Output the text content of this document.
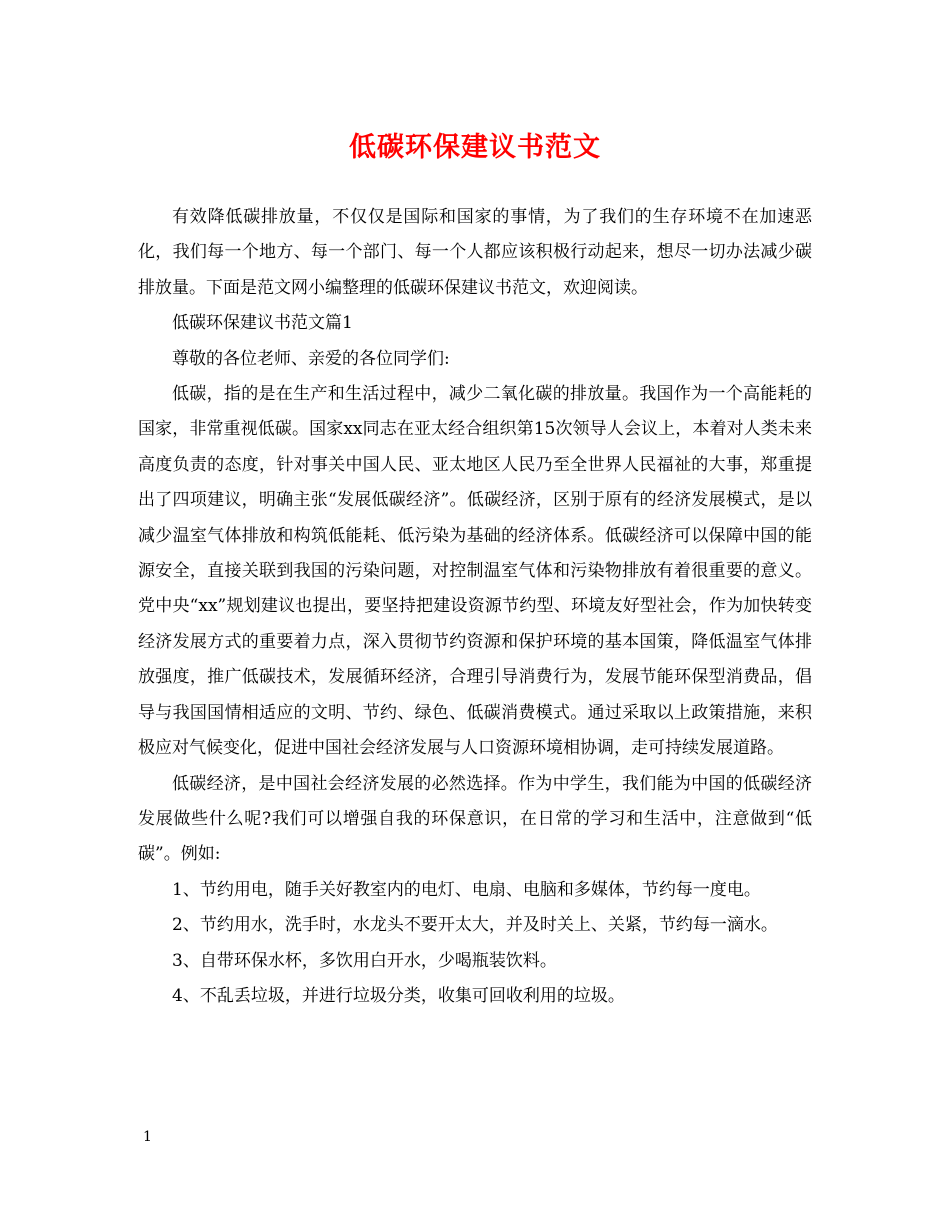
低碳环保建议书范文

有效降低碳排放量，不仅仅是国际和国家的事情，为了我们的生存环境不在加速恶化，我们每一个地方、每一个部门、每一个人都应该积极行动起来，想尽一切办法减少碳排放量。下面是范文网小编整理的低碳环保建议书范文，欢迎阅读。

低碳环保建议书范文篇1

尊敬的各位老师、亲爱的各位同学们:

低碳，指的是在生产和生活过程中，减少二氧化碳的排放量。我国作为一个高能耗的国家，非常重视低碳。国家xx同志在亚太经合组织第15次领导人会议上，本着对人类未来高度负责的态度，针对事关中国人民、亚太地区人民乃至全世界人民福祉的大事，郑重提出了四项建议，明确主张“发展低碳经济”。低碳经济，区别于原有的经济发展模式，是以减少温室气体排放和构筑低能耗、低污染为基础的经济体系。低碳经济可以保障中国的能源安全，直接关联到我国的污染问题，对控制温室气体和污染物排放有着很重要的意义。党中央“xx”规划建议也提出，要坚持把建设资源节约型、环境友好型社会，作为加快转变经济发展方式的重要着力点，深入贯彻节约资源和保护环境的基本国策，降低温室气体排放强度，推广低碳技术，发展循环经济，合理引导消费行为，发展节能环保型消费品，倡导与我国国情相适应的文明、节约、绿色、低碳消费模式。通过采取以上政策措施，来积极应对气候变化，促进中国社会经济发展与人口资源环境相协调，走可持续发展道路。

低碳经济，是中国社会经济发展的必然选择。作为中学生，我们能为中国的低碳经济发展做些什么呢?我们可以增强自我的环保意识，在日常的学习和生活中，注意做到“低碳”。例如:

1、节约用电，随手关好教室内的电灯、电扇、电脑和多媒体，节约每一度电。

2、节约用水，洗手时，水龙头不要开太大，并及时关上、关紧，节约每一滴水。

3、自带环保水杯，多饮用白开水，少喝瓶装饮料。

4、不乱丢垃圾，并进行垃圾分类，收集可回收利用的垃圾。

1
